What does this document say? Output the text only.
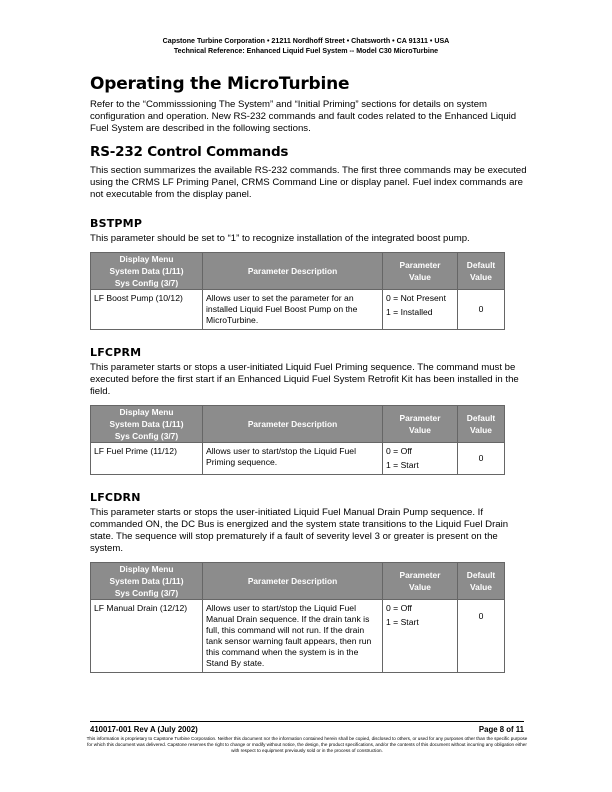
Capstone Turbine Corporation • 21211 Nordhoff Street • Chatsworth • CA 91311 • USA
Technical Reference: Enhanced Liquid Fuel System -- Model C30 MicroTurbine
Operating the MicroTurbine

Refer to the “Commisssioning The System” and “Initial Priming” sections for details on system configuration and operation. New RS-232 commands and fault codes related to the Enhanced Liquid Fuel System are described in the following sections.

RS-232 Control Commands

This section summarizes the available RS-232 commands. The first three commands may be executed using the CRMS LF Priming Panel, CRMS Command Line or display panel. Fuel index commands are not executable from the display panel.

BSTPMP

This parameter should be set to “1” to recognize installation of the integrated boost pump.

Display Menu
System Data (1/11)
Sys Config (3/7)	Parameter Description	Parameter
Value	Default
Value

LF Boost Pump (10/12)	Allows user to set the parameter for an installed Liquid Fuel Boost Pump on the MicroTurbine.	0 = Not Present
1 = Installed	0
LFCPRM

This parameter starts or stops a user-initiated Liquid Fuel Priming sequence. The command must be executed before the first start if an Enhanced Liquid Fuel System Retrofit Kit has been installed in the field.

Display Menu
System Data (1/11)
Sys Config (3/7)	Parameter Description	Parameter
Value	Default
Value

LF Fuel Prime (11/12)	Allows user to start/stop the Liquid Fuel Priming sequence.	0 = Off
1 = Start	0
LFCDRN

This parameter starts or stops the user-initiated Liquid Fuel Manual Drain Pump sequence. If commanded ON, the DC Bus is energized and the system state transitions to the Liquid Fuel Drain state. The sequence will stop prematurely if a fault of severity level 3 or greater is present on the system.

Display Menu
System Data (1/11)
Sys Config (3/7)	Parameter Description	Parameter
Value	Default
Value

LF Manual Drain (12/12)	Allows user to start/stop the Liquid Fuel Manual Drain sequence. If the drain tank is full, this command will not run. If the drain tank sensor warning fault appears, then run this command when the system is in the Stand By state.	0 = Off
1 = Start	0
410017-001 Rev A (July 2002)	Page 8 of 11
This information is proprietary to Capstone Turbine Corporation. Neither this document nor the information contained herein shall be copied, disclosed to others, or used for any purposes other than the specific purpose for which this document was delivered. Capstone reserves the right to change or modify without notice, the design, the product specifications, and/or the contents of this document without incurring any obligation either with respect to equipment previously sold or in the process of construction.
